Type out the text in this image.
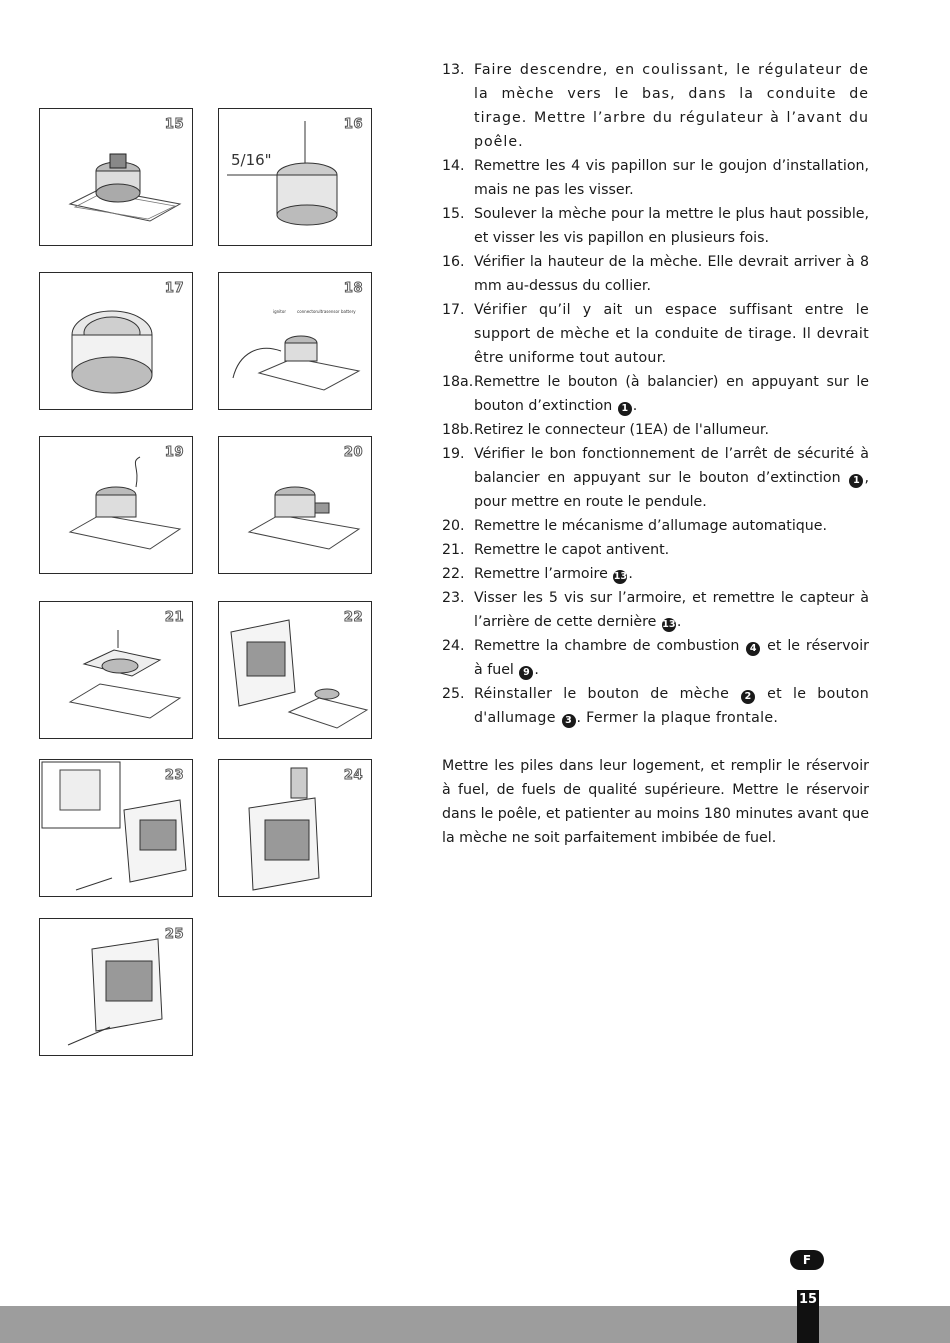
15	16
5/16"
17	18
ignitor	connector ultrasensor battery
19	20
21	22
23	24
25
13. Faire descendre, en coulissant, le régulateur de la mèche vers le bas, dans la conduite de tirage. Mettre l’arbre du régulateur à l’avant du poêle.
14. Remettre les 4 vis papillon sur le goujon d’installation, mais ne pas les visser.
15. Soulever la mèche pour la mettre le plus haut possible, et visser les vis papillon en plusieurs fois.
16. Vérifier la hauteur de la mèche. Elle devrait arriver à 8 mm au-dessus du collier.
17. Vérifier qu’il y ait un espace suffisant entre le support de mèche et la conduite de tirage. Il devrait être uniforme tout autour.
18a. Remettre le bouton (à balancier) en appuyant sur le bouton d’extinction 1 .
18b. Retirez le connecteur (1EA) de l'allumeur.
19. Vérifier le bon fonctionnement de l’arrêt de sécurité à balancier en appuyant sur le bouton d’extinction 1 , pour mettre en route le pendule.
20. Remettre le mécanisme d’allumage automatique.
21. Remettre le capot antivent.
22. Remettre l’armoire 13.
23. Visser les 5 vis sur l’armoire, et remettre le capteur à l’arrière de cette dernière 13.
24. Remettre la chambre de combustion 4 et le réservoir à fuel 9 .
25. Réinstaller le bouton de mèche 2 et le bouton d'allumage 3 . Fermer la plaque frontale.
Mettre les piles dans leur logement, et remplir le réservoir à fuel, de fuels de qualité supérieure. Mettre le réservoir dans le poêle, et patienter au moins 180 minutes avant que la mèche ne soit parfaitement imbibée de fuel.
F
15
